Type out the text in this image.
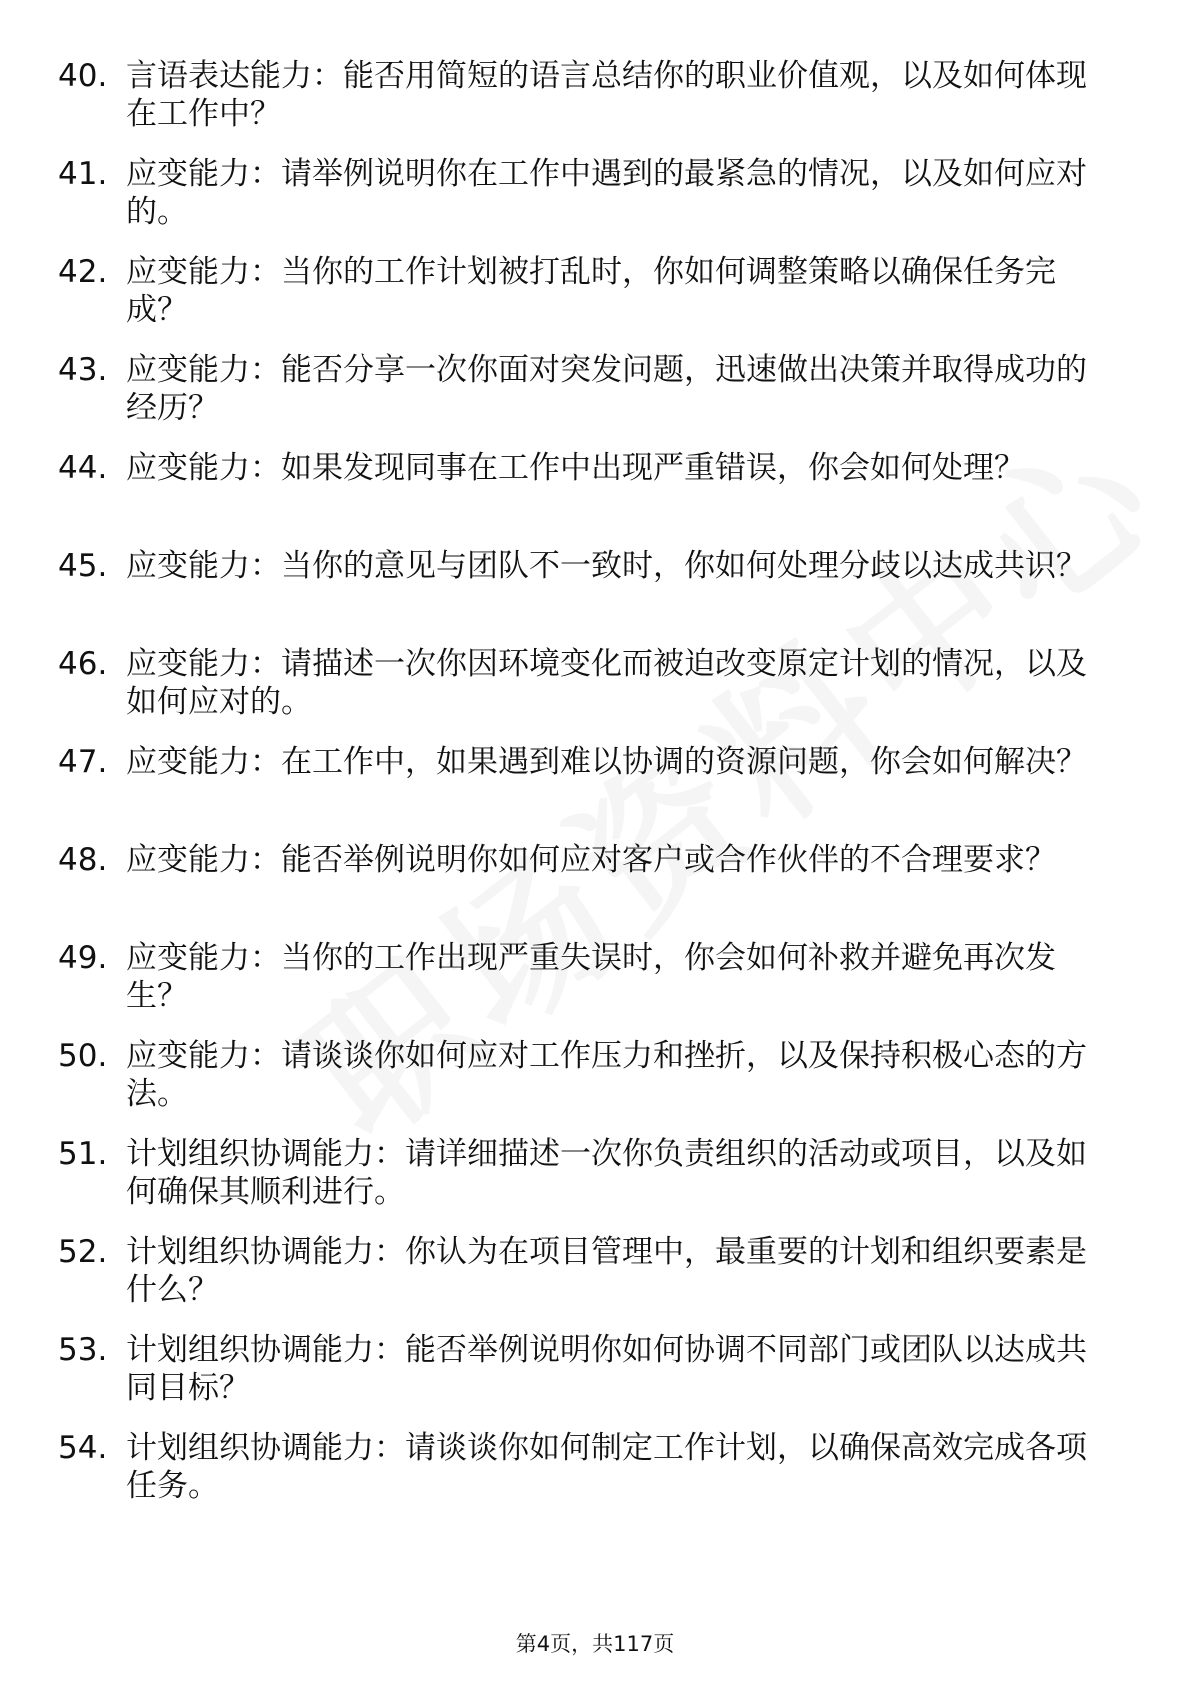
40. 言语表达能力：能否用简短的语言总结你的职业价值观，以及如何体现在工作中？
41. 应变能力：请举例说明你在工作中遇到的最紧急的情况，以及如何应对的。
42. 应变能力：当你的工作计划被打乱时，你如何调整策略以确保任务完成？
43. 应变能力：能否分享一次你面对突发问题，迅速做出决策并取得成功的经历？
44. 应变能力：如果发现同事在工作中出现严重错误，你会如何处理？
45. 应变能力：当你的意见与团队不一致时，你如何处理分歧以达成共识？
46. 应变能力：请描述一次你因环境变化而被迫改变原定计划的情况，以及如何应对的。
47. 应变能力：在工作中，如果遇到难以协调的资源问题，你会如何解决？
48. 应变能力：能否举例说明你如何应对客户或合作伙伴的不合理要求？
49. 应变能力：当你的工作出现严重失误时，你会如何补救并避免再次发生？
50. 应变能力：请谈谈你如何应对工作压力和挫折，以及保持积极心态的方法。
51. 计划组织协调能力：请详细描述一次你负责组织的活动或项目，以及如何确保其顺利进行。
52. 计划组织协调能力：你认为在项目管理中，最重要的计划和组织要素是什么？
53. 计划组织协调能力：能否举例说明你如何协调不同部门或团队以达成共同目标？
54. 计划组织协调能力：请谈谈你如何制定工作计划，以确保高效完成各项任务。
第4页，共117页
